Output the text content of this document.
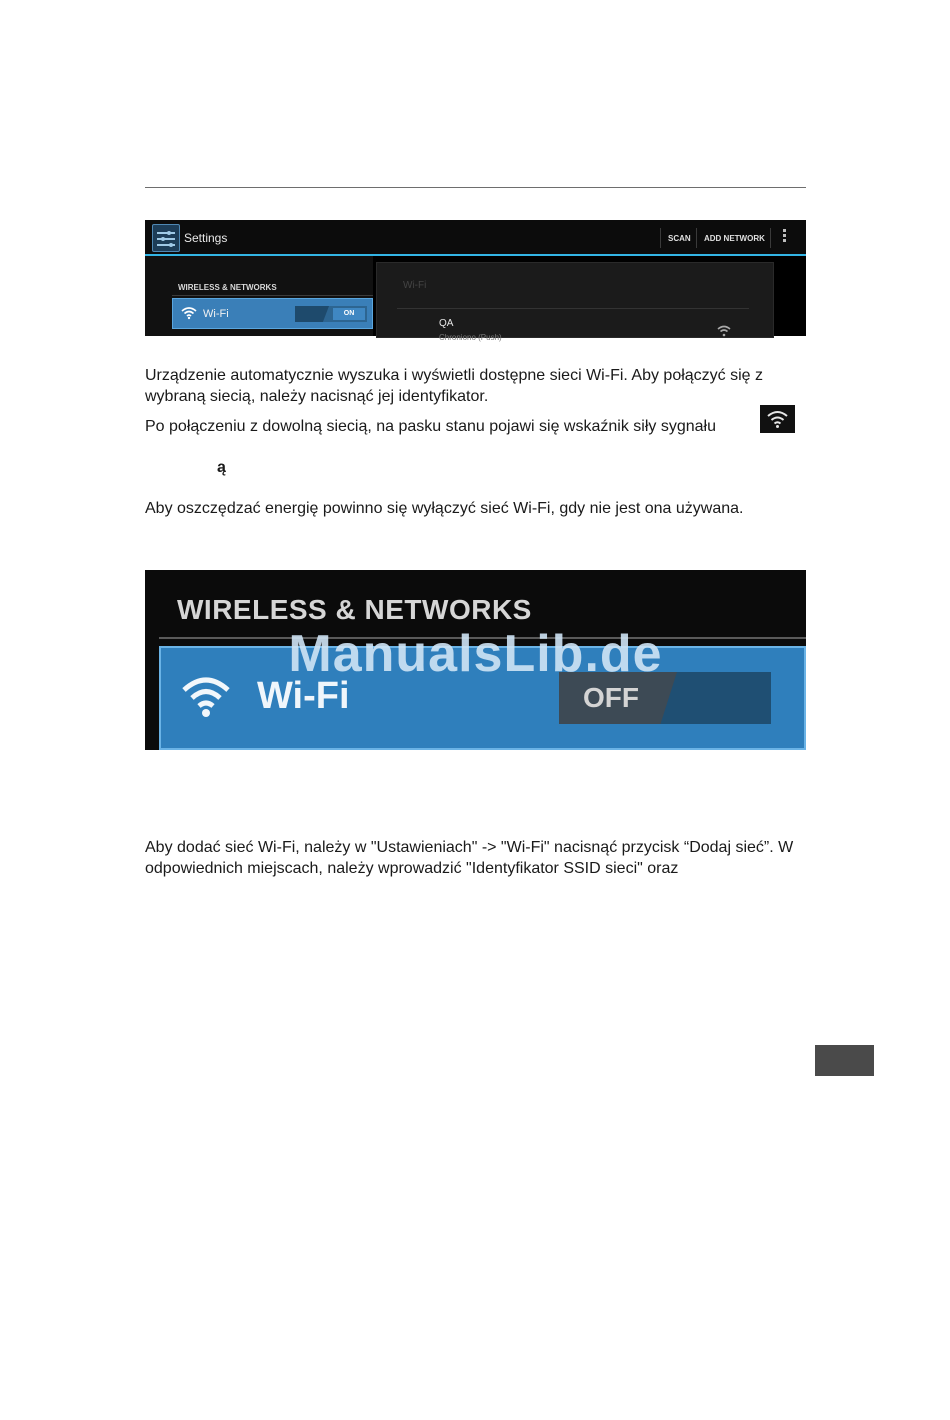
Settings	SCAN ADD NETWORK
WIRELESS & NETWORKS
Wi-Fi	ON
Wi-Fi
QA
Chroniono (Push)

Urządzenie automatycznie wyszuka i wyświetli dostępne sieci Wi-Fi. Aby połączyć się z wybraną siecią, należy nacisnąć jej identyfikator.

Po połączeniu z dowolną siecią, na pasku stanu pojawi się wskaźnik siły sygnału

ą

Aby oszczędzać energię powinno się wyłączyć sieć Wi-Fi, gdy nie jest ona używana.

WIRELESS & NETWORKS
Wi-Fi	OFF
ManualsLib.de

Aby dodać sieć Wi-Fi, należy w "Ustawieniach" -> "Wi-Fi" nacisnąć przycisk “Dodaj sieć”. W odpowiednich miejscach, należy wprowadzić "Identyfikator SSID sieci" oraz
